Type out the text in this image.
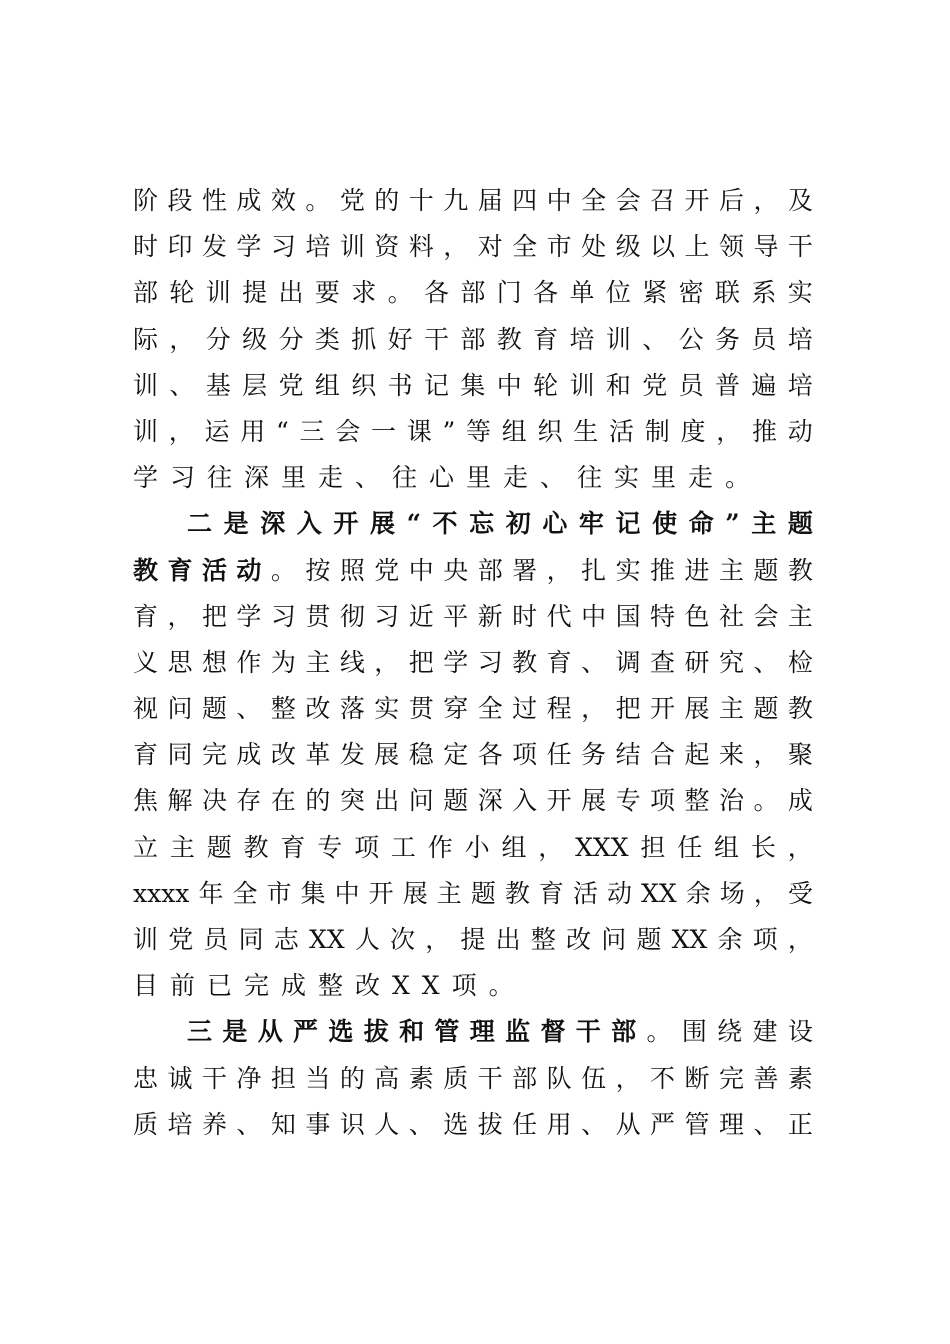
阶 段 性 成 效 。 党 的 十 九 届 四 中 全 会 召 开 后 ， 及
时 印 发 学 习 培 训 资 料 ， 对 全 市 处 级 以 上 领 导 干
部 轮 训 提 出 要 求 。 各 部 门 各 单 位 紧 密 联 系 实
际 ， 分 级 分 类 抓 好 干 部 教 育 培 训 、 公 务 员 培
训 、 基 层 党 组 织 书 记 集 中 轮 训 和 党 员 普 遍 培
训 ， 运 用 “ 三 会 一 课 ” 等 组 织 生 活 制 度 ， 推 动
学习往深里走、往心里走、往实里走。
二 是 深 入 开 展 “ 不 忘 初 心 牢 记 使 命 ” 主 题
教 育 活 动 。 按 照 党 中 央 部 署 ， 扎 实 推 进 主 题 教
育 ， 把 学 习 贯 彻 习 近 平 新 时 代 中 国 特 色 社 会 主
义 思 想 作 为 主 线 ， 把 学 习 教 育 、 调 查 研 究 、 检
视 问 题 、 整 改 落 实 贯 穿 全 过 程 ， 把 开 展 主 题 教
育 同 完 成 改 革 发 展 稳 定 各 项 任 务 结 合 起 来 ， 聚
焦 解 决 存 在 的 突 出 问 题 深 入 开 展 专 项 整 治 。 成
立 主 题 教 育 专 项 工 作 小 组 ， XXX 担 任 组 长 ，
xxxx 年 全 市 集 中 开 展 主 题 教 育 活 动 XX 余 场 ， 受
训 党 员 同 志 XX 人 次 ， 提 出 整 改 问 题 XX 余 项 ，
目前已完成整改XX项。
三 是 从 严 选 拔 和 管 理 监 督 干 部 。 围 绕 建 设
忠 诚 干 净 担 当 的 高 素 质 干 部 队 伍 ， 不 断 完 善 素
质 培 养 、 知 事 识 人 、 选 拔 任 用 、 从 严 管 理 、 正
